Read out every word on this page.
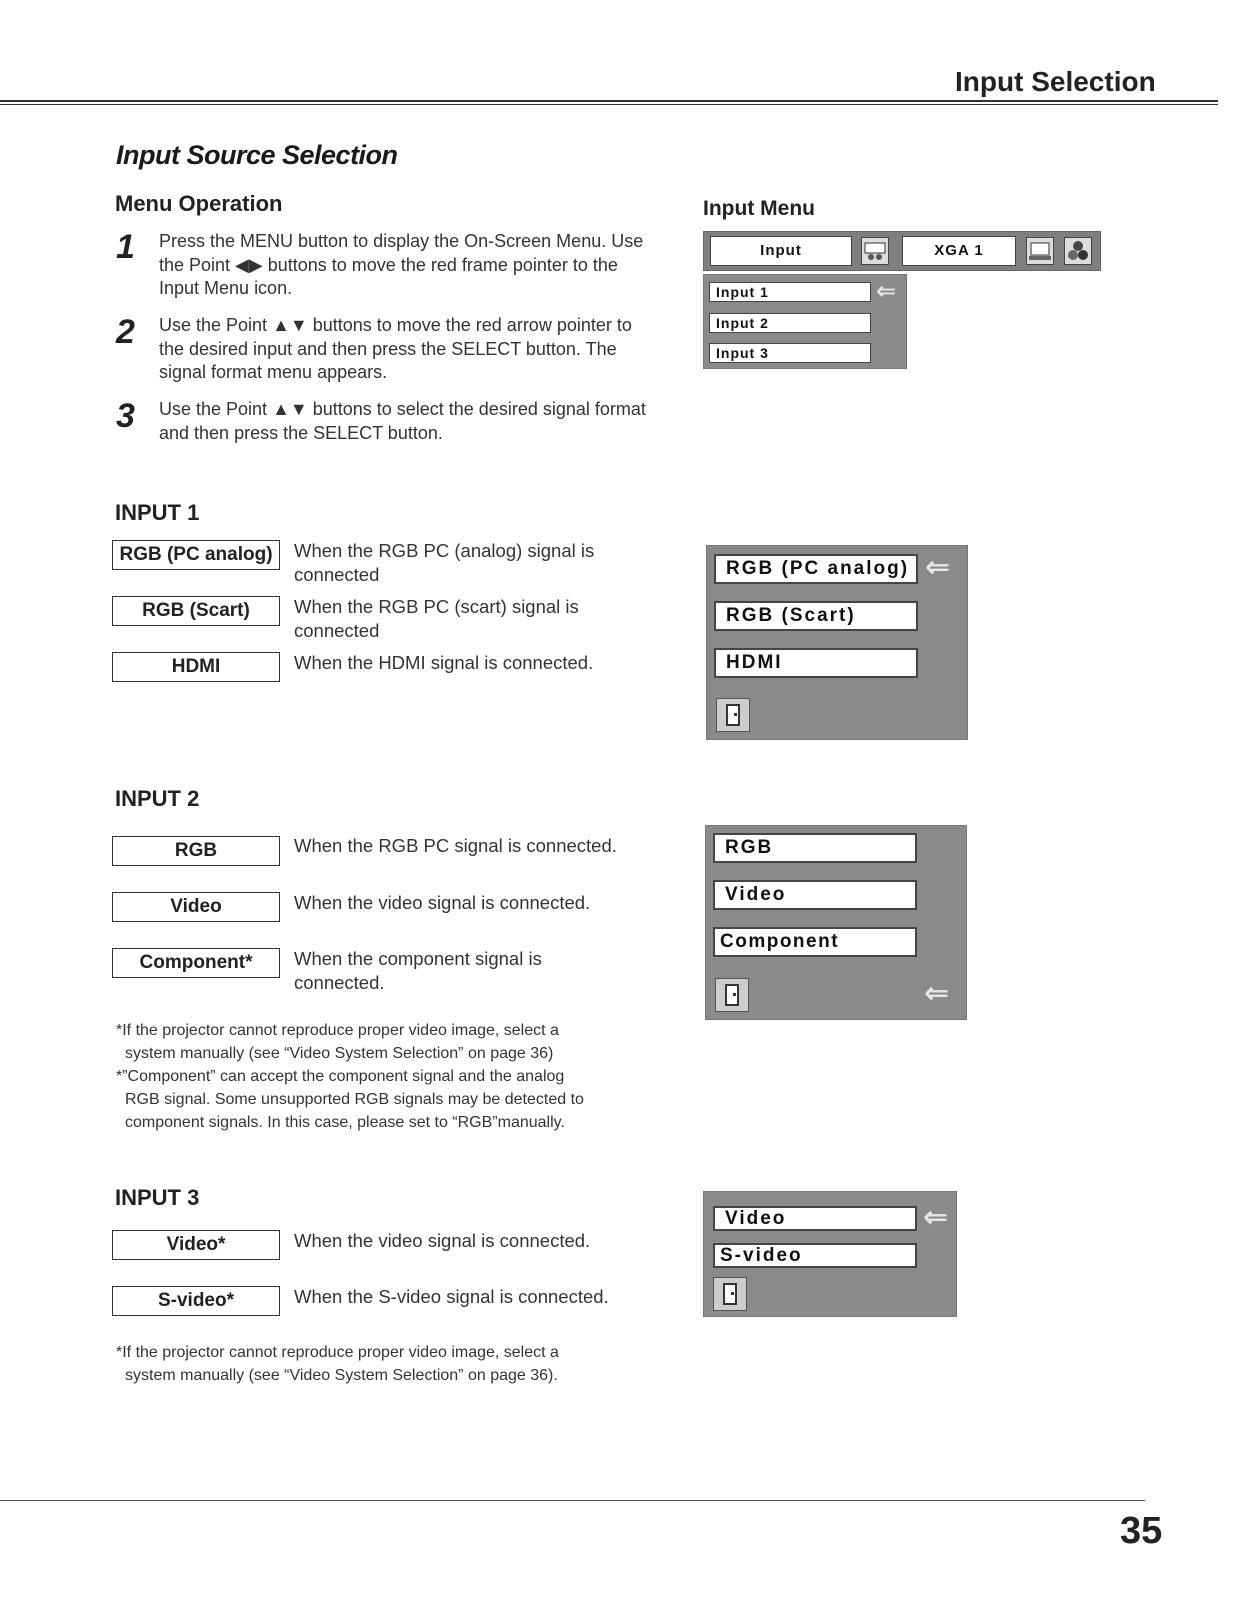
Input Selection
Input Source Selection
Menu Operation
1 Press the MENU button to display the On-Screen Menu. Use the Point ◀▶ buttons to move the red frame pointer to the Input Menu icon.
2 Use the Point ▲▼ buttons to move the red arrow pointer to the desired input and then press the SELECT button. The signal format menu appears.
3 Use the Point ▲▼ buttons to select the desired signal format and then press the SELECT button.
Input Menu
Input	XGA 1
Input 1	⇐
Input 2
Input 3
INPUT 1
RGB (PC analog)	When the RGB PC (analog) signal is connected
RGB (Scart)	When the RGB PC (scart) signal is connected
HDMI	When the HDMI signal is connected.
RGB (PC analog) ⇐
RGB (Scart)
HDMI
INPUT 2
RGB	When the RGB PC signal is connected.
Video	When the video signal is connected.
Component*	When the component signal is connected.
*If the projector cannot reproduce proper video image, select a
system manually (see “Video System Selection” on page 36)
*”Component” can accept the component signal and the analog
RGB signal. Some unsupported RGB signals may be detected to component signals. In this case, please set to “RGB”manually.
RGB
Video
Component
⇐
INPUT 3
Video*	When the video signal is connected.
S-video*	When the S-video signal is connected.
*If the projector cannot reproduce proper video image, select a
system manually (see “Video System Selection” on page 36).
Video	⇐
S-video
35
